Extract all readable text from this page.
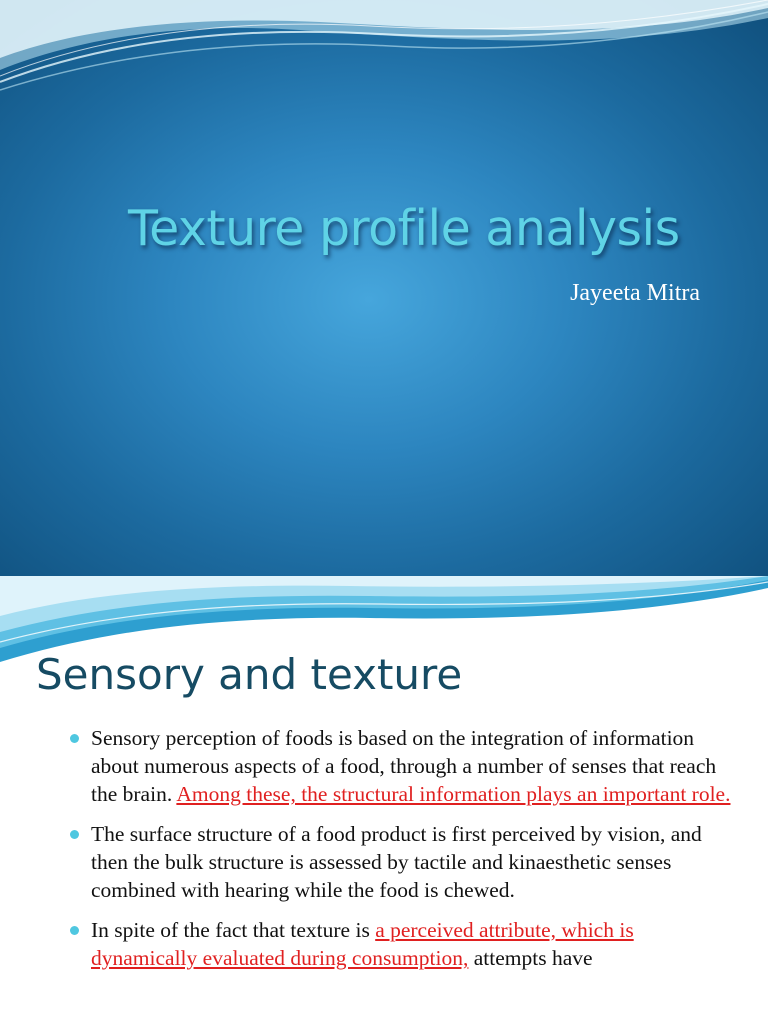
Texture profile analysis
Jayeeta Mitra
Sensory and texture
Sensory perception of foods is based on the integration of information about numerous aspects of a food, through a number of senses that reach the brain. Among these, the structural information plays an important role.
The surface structure of a food product is first perceived by vision, and then the bulk structure is assessed by tactile and kinaesthetic senses combined with hearing while the food is chewed.
In spite of the fact that texture is a perceived attribute, which is dynamically evaluated during consumption, attempts have
